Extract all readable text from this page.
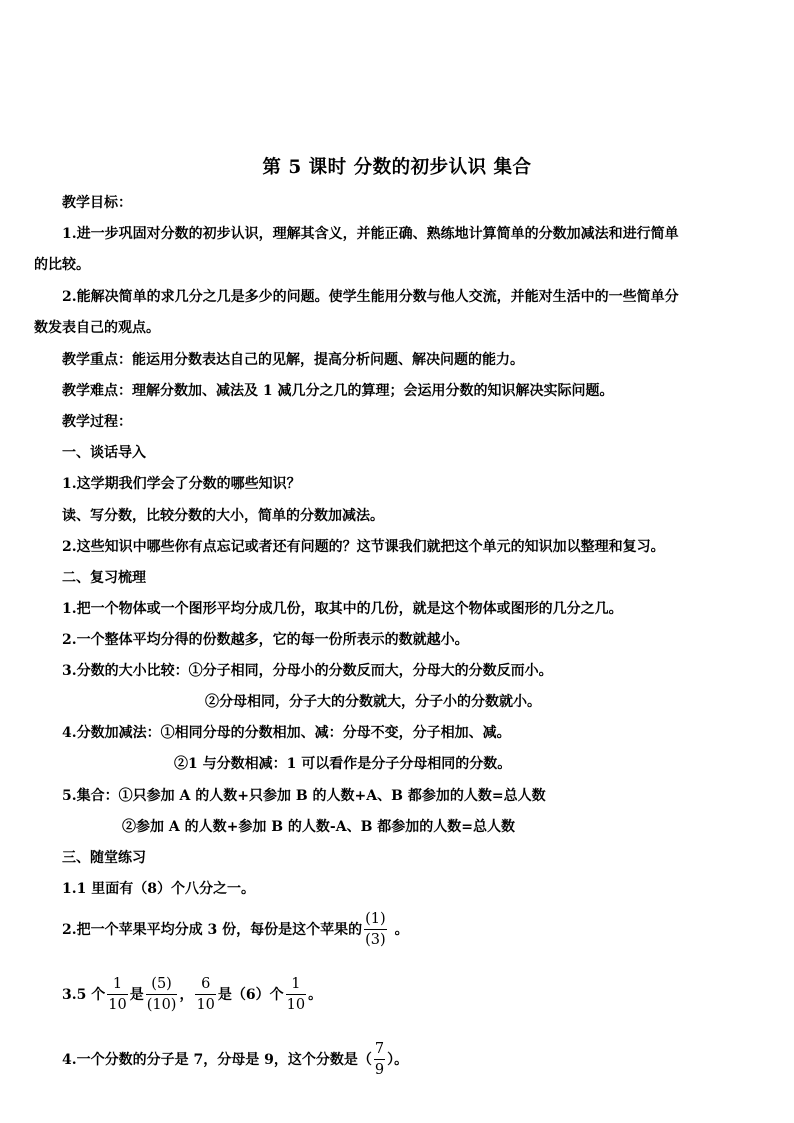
第 5 课时 分数的初步认识 集合
教学目标：
1.进一步巩固对分数的初步认识，理解其含义，并能正确、熟练地计算简单的分数加减法和进行简单
的比较。
2.能解决简单的求几分之几是多少的问题。使学生能用分数与他人交流，并能对生活中的一些简单分
数发表自己的观点。
教学重点：能运用分数表达自己的见解，提高分析问题、解决问题的能力。
教学难点：理解分数加、减法及 1 减几分之几的算理；会运用分数的知识解决实际问题。
教学过程：
一、谈话导入
1.这学期我们学会了分数的哪些知识？
读、写分数，比较分数的大小，简单的分数加减法。
2.这些知识中哪些你有点忘记或者还有问题的？这节课我们就把这个单元的知识加以整理和复习。
二、复习梳理
1.把一个物体或一个图形平均分成几份，取其中的几份，就是这个物体或图形的几分之几。
2.一个整体平均分得的份数越多，它的每一份所表示的数就越小。
3.分数的大小比较：①分子相同，分母小的分数反而大，分母大的分数反而小。
②分母相同，分子大的分数就大，分子小的分数就小。
4.分数加减法：①相同分母的分数相加、减：分母不变，分子相加、减。
②1 与分数相减：1 可以看作是分子分母相同的分数。
5.集合：①只参加 A 的人数+只参加 B 的人数+A、B 都参加的人数=总人数
②参加 A 的人数+参加 B 的人数-A、B 都参加的人数=总人数
三、随堂练习
1.1 里面有（8）个八分之一。
2.把一个苹果平均分成 3 份，每份是这个苹果的 $\frac{(1)}{(3)}$ 。
3.5 个 $\frac{1}{10}$ 是 $\frac{(5)}{(10)}$ ， $\frac{6}{10}$ 是（6）个 $\frac{1}{10}$ 。
4.一个分数的分子是 7，分母是 9，这个分数是（ $\frac{7}{9}$ ）。
